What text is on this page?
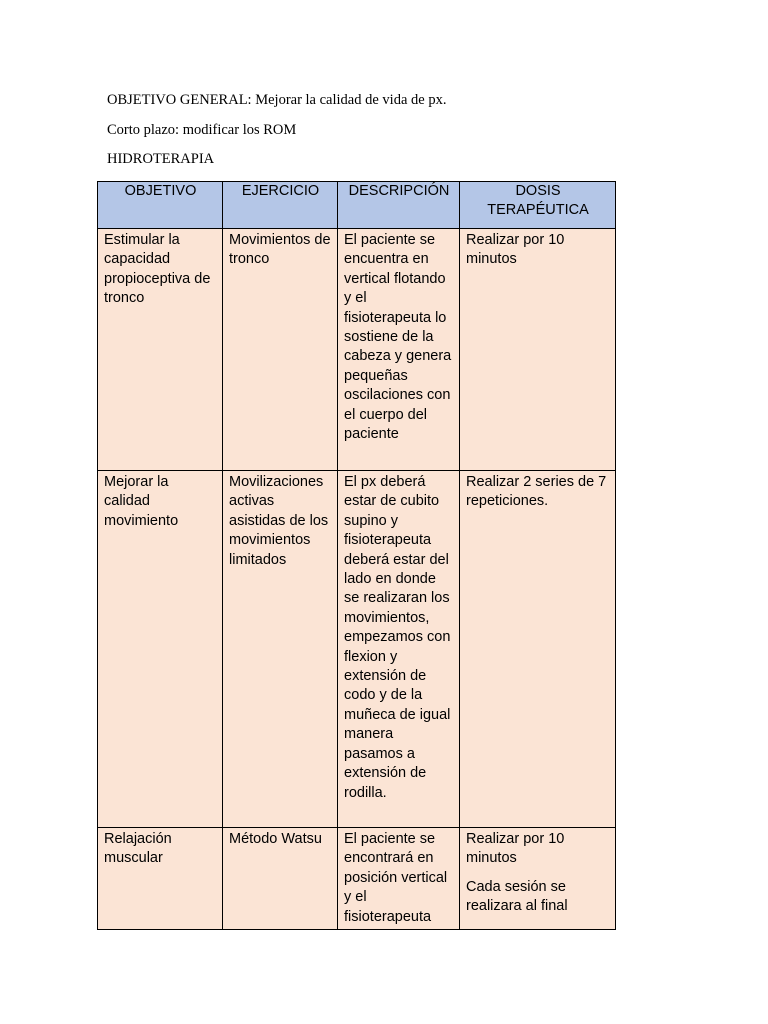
OBJETIVO GENERAL: Mejorar la calidad de vida de px.
Corto plazo: modificar los ROM
HIDROTERAPIA
OBJETIVO	EJERCICIO	DESCRIPCIÓN	DOSIS TERAPÉUTICA
Estimular la capacidad propioceptiva de tronco	Movimientos de tronco	El paciente se encuentra en vertical flotando y el fisioterapeuta lo sostiene de la cabeza y genera pequeñas oscilaciones con el cuerpo del paciente	Realizar por 10 minutos

Mejorar la calidad movimiento	Movilizaciones activas asistidas de los movimientos limitados	El px deberá estar de cubito supino y fisioterapeuta deberá estar del lado en donde se realizaran los movimientos, empezamos con flexion y extensión de codo y de la muñeca de igual manera pasamos a extensión de rodilla.	Realizar 2 series de 7 repeticiones.

Relajación muscular	Método Watsu	El paciente se encontrará en posición vertical y el fisioterapeuta	Realizar por 10 minutos

Cada sesión se realizara al final
